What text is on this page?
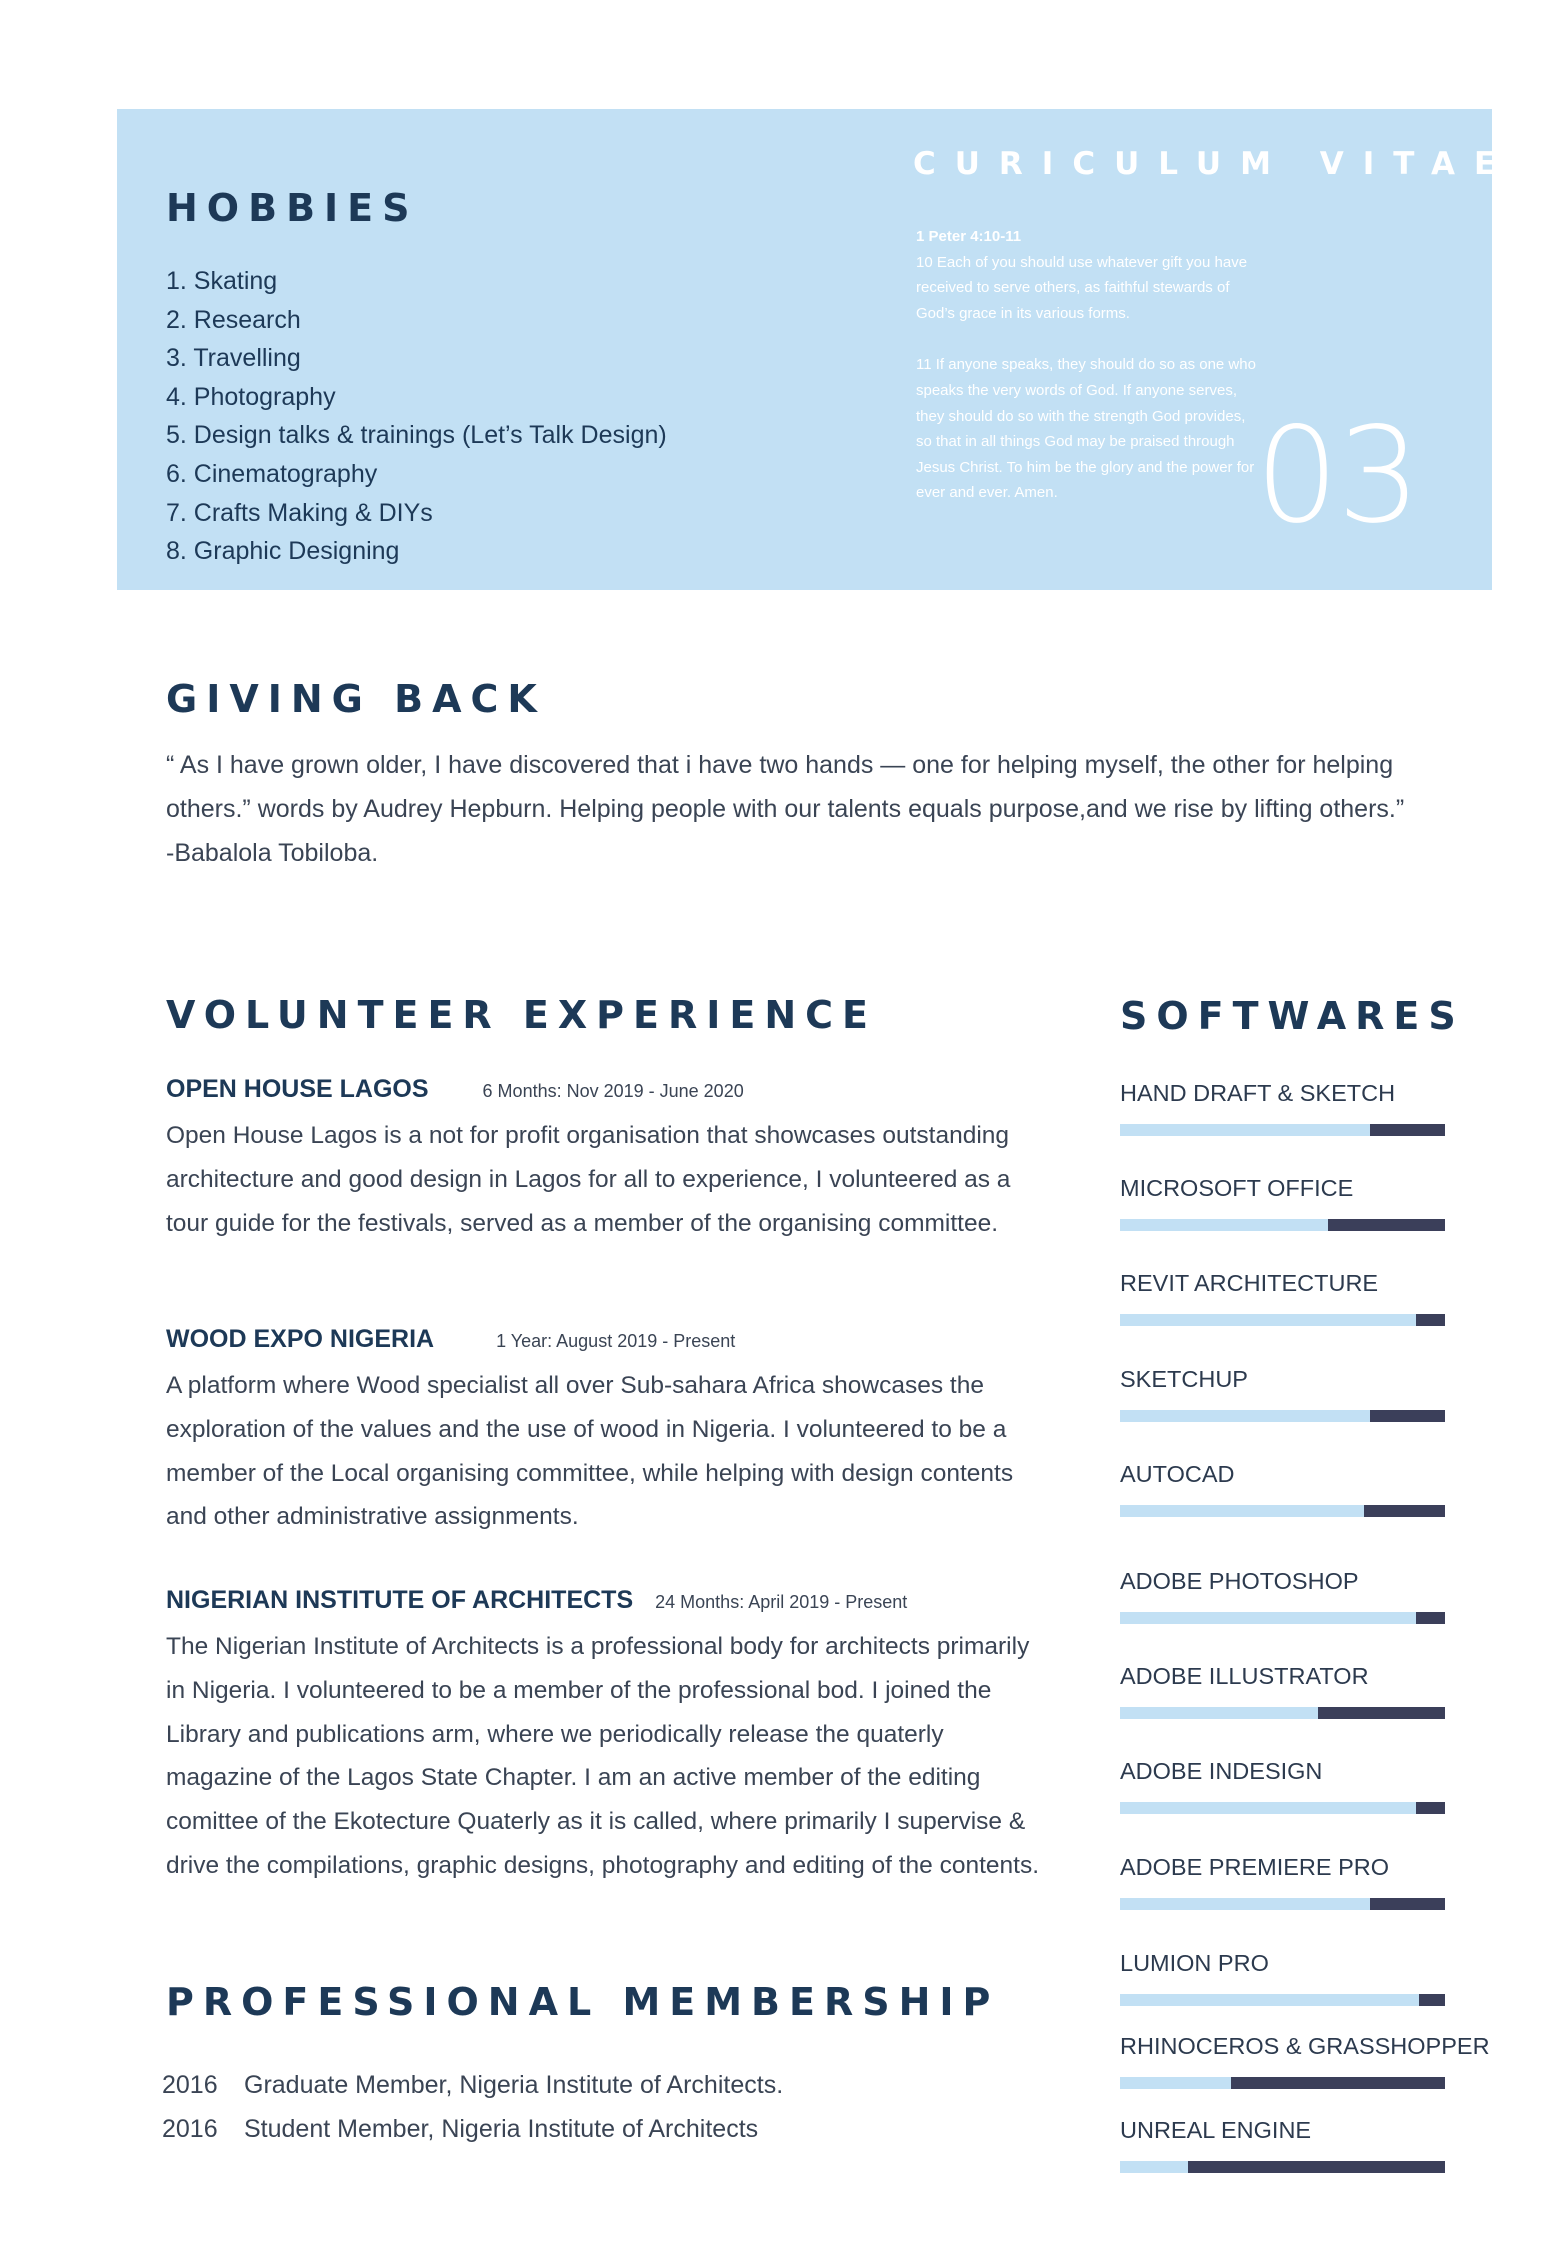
HOBBIES
1. Skating
2. Research
3. Travelling
4. Photography
5. Design talks & trainings (Let’s Talk Design)
6. Cinematography
7. Crafts Making & DIYs
8. Graphic Designing
CURICULUM VITAE
1 Peter 4:10-11

10 Each of you should use whatever gift you have received to serve others, as faithful stewards of God’s grace in its various forms.

11 If anyone speaks, they should do so as one who speaks the very words of God. If anyone serves, they should do so with the strength God provides, so that in all things God may be praised through Jesus Christ. To him be the glory and the power for ever and ever. Amen.	03
GIVING BACK

“ As I have grown older, I have discovered that i have two hands — one for helping myself, the other for helping others.” words by Audrey Hepburn. Helping people with our talents equals purpose,and we rise by lifting others.”

-Babalola Tobiloba.

VOLUNTEER EXPERIENCE
OPEN HOUSE LAGOS	6 Months: Nov 2019 - June 2020

Open House Lagos is a not for profit organisation that showcases outstanding architecture and good design in Lagos for all to experience, I volunteered as a tour guide for the festivals, served as a member of the organising committee.

WOOD EXPO NIGERIA	1 Year: August 2019 - Present

A platform where Wood specialist all over Sub-sahara Africa showcases the exploration of the values and the use of wood in Nigeria. I volunteered to be a member of the Local organising committee, while helping with design contents and other administrative assignments.

NIGERIAN INSTITUTE OF ARCHITECTS 24 Months: April 2019 - Present

The Nigerian Institute of Architects is a professional body for architects primarily in Nigeria. I volunteered to be a member of the professional bod. I joined the Library and publications arm, where we periodically release the quaterly magazine of the Lagos State Chapter. I am an active member of the editing comittee of the Ekotecture Quaterly as it is called, where primarily I supervise & drive the compilations, graphic designs, photography and editing of the contents.

PROFESSIONAL MEMBERSHIP
2016 Graduate Member, Nigeria Institute of Architects.
2016 Student Member, Nigeria Institute of Architects
SOFTWARES
HAND DRAFT & SKETCH
MICROSOFT OFFICE
REVIT ARCHITECTURE
SKETCHUP
AUTOCAD
ADOBE PHOTOSHOP
ADOBE ILLUSTRATOR
ADOBE INDESIGN
ADOBE PREMIERE PRO
LUMION PRO
RHINOCEROS & GRASSHOPPER
UNREAL ENGINE
